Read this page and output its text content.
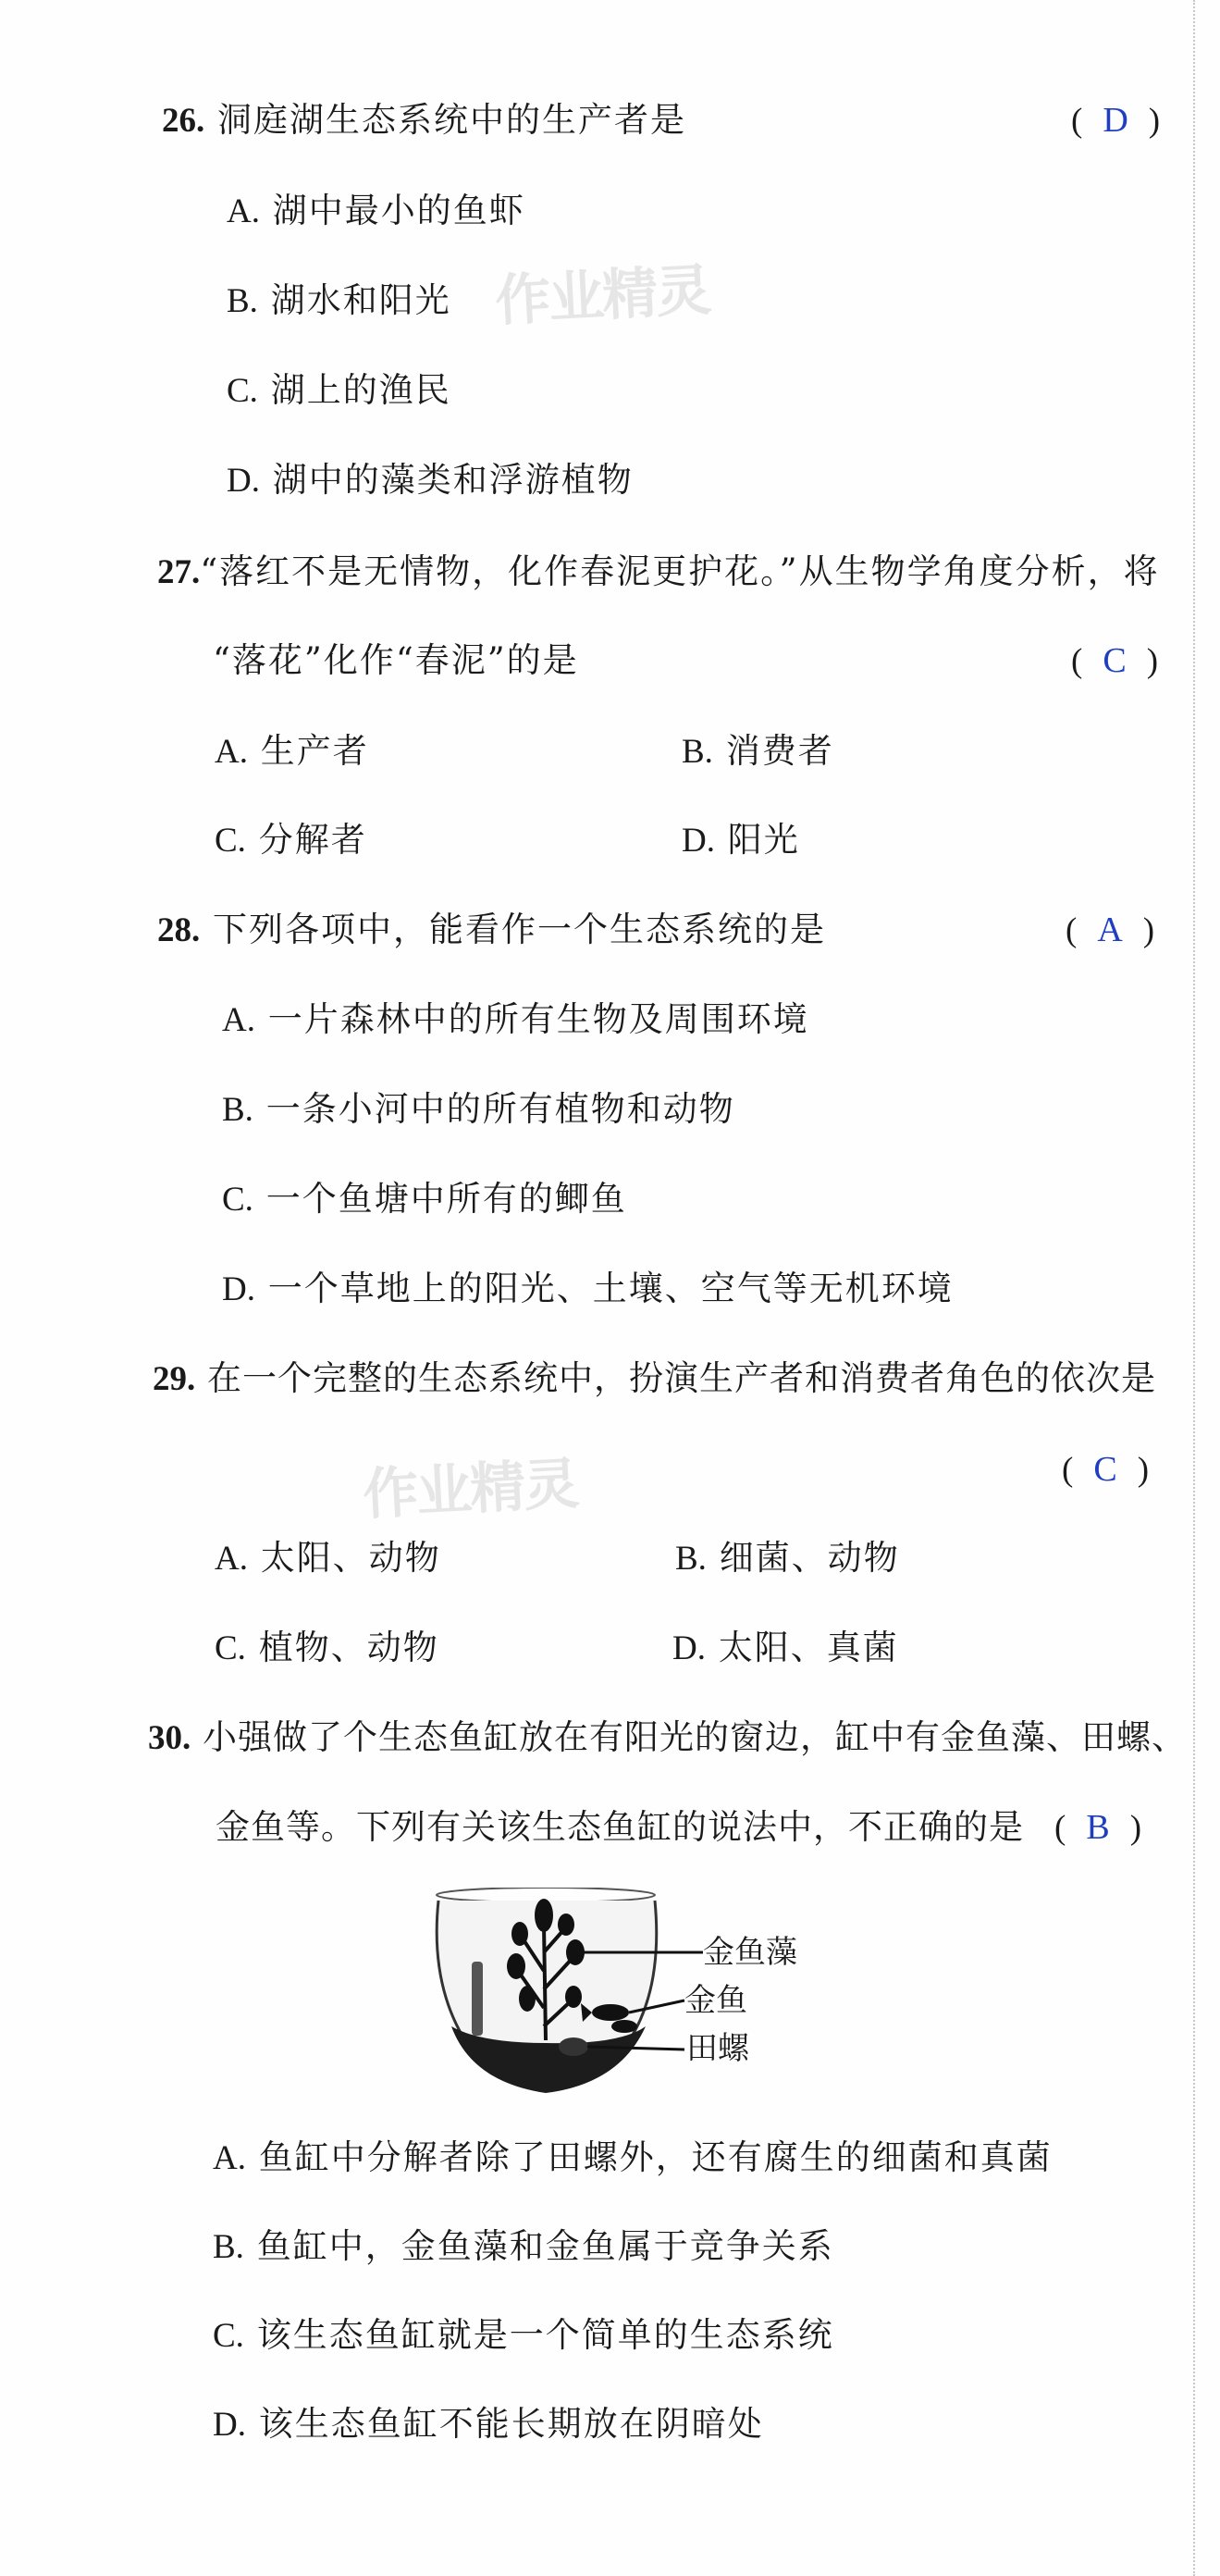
26. 洞庭湖生态系统中的生产者是	( D )
A. 湖中最小的鱼虾
B. 湖水和阳光
C. 湖上的渔民
D. 湖中的藻类和浮游植物
作业精灵
27.“落红不是无情物，化作春泥更护花。”从生物学角度分析，将
“落花”化作“春泥”的是	( C )
A. 生产者	B. 消费者
C. 分解者	D. 阳光
28. 下列各项中，能看作一个生态系统的是	( A )
A. 一片森林中的所有生物及周围环境
B. 一条小河中的所有植物和动物
C. 一个鱼塘中所有的鲫鱼
D. 一个草地上的阳光、土壤、空气等无机环境
29. 在一个完整的生态系统中，扮演生产者和消费者角色的依次是
( C )
作业精灵
A. 太阳、动物	B. 细菌、动物
C. 植物、动物	D. 太阳、真菌
30. 小强做了个生态鱼缸放在有阳光的窗边，缸中有金鱼藻、田螺、
金鱼等。下列有关该生态鱼缸的说法中，不正确的是 ( B )
金鱼藻
金鱼
田螺
A. 鱼缸中分解者除了田螺外，还有腐生的细菌和真菌
B. 鱼缸中，金鱼藻和金鱼属于竞争关系
C. 该生态鱼缸就是一个简单的生态系统
D. 该生态鱼缸不能长期放在阴暗处
